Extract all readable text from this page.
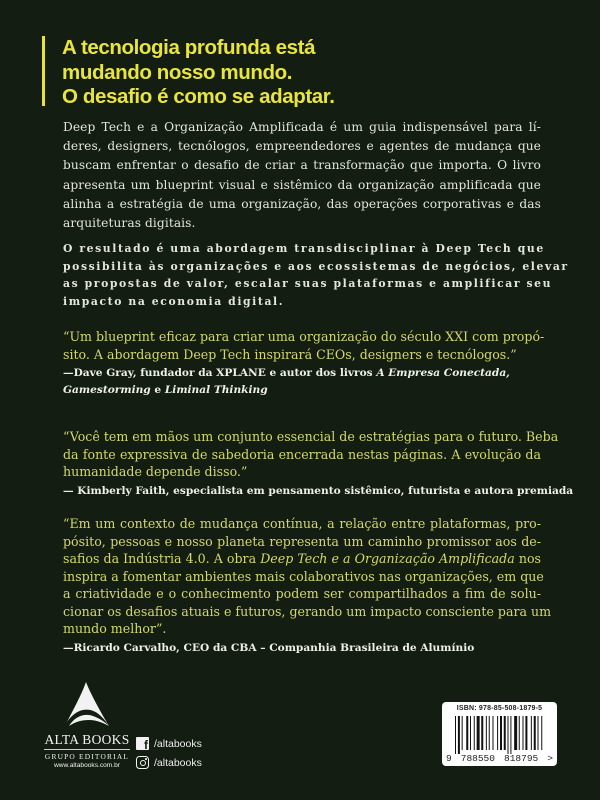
A tecnologia profunda está
mudando nosso mundo.
O desafio é como se adaptar.
Deep Tech e a Organização Amplificada é um guia indispensável para lí-
deres, designers, tecnólogos, empreendedores e agentes de mudança que
buscam enfrentar o desafio de criar a transformação que importa. O livro
apresenta um blueprint visual e sistêmico da organização amplificada que
alinha a estratégia de uma organização, das operações corporativas e das
arquiteturas digitais.
O resultado é uma abordagem transdisciplinar à Deep Tech que
possibilita às organizações e aos ecossistemas de negócios, elevar
as propostas de valor, escalar suas plataformas e amplificar seu
impacto na economia digital.
“Um blueprint eficaz para criar uma organização do século XXI com propó-
sito. A abordagem Deep Tech inspirará CEOs, designers e tecnólogos.”
—Dave Gray, fundador da XPLANE e autor dos livros A Empresa Conectada,
Gamestorming e Liminal Thinking
“Você tem em mãos um conjunto essencial de estratégias para o futuro. Beba
da fonte expressiva de sabedoria encerrada nestas páginas. A evolução da
humanidade depende disso.”
— Kimberly Faith, especialista em pensamento sistêmico, futurista e autora premiada
“Em um contexto de mudança contínua, a relação entre plataformas, pro-
pósito, pessoas e nosso planeta representa um caminho promissor aos de-
safios da Indústria 4.0. A obra Deep Tech e a Organização Amplificada nos
inspira a fomentar ambientes mais colaborativos nas organizações, em que
a criatividade e o conhecimento podem ser compartilhados a fim de solu-
cionar os desafios atuais e futuros, gerando um impacto consciente para um
mundo melhor”.
—Ricardo Carvalho, CEO da CBA – Companhia Brasileira de Alumínio
ALTA BOOKS
GRUPO EDITORIAL
www.altabooks.com.br
f /altabooks
/altabooks
ISBN: 978-85-508-1879-5
9 788550 818795 >
